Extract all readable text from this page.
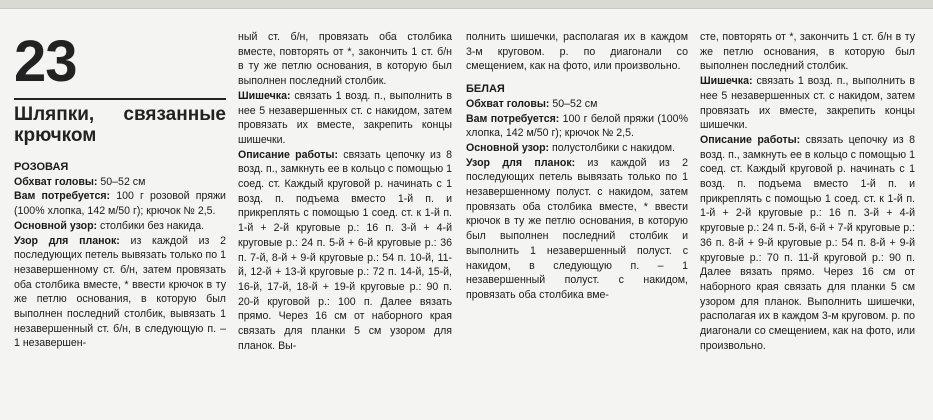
23
Шляпки, связанные крючком
РОЗОВАЯ

Обхват головы: 50–52 см

Вам потребуется: 100 г розовой пряжи (100% хлопка, 142 м/50 г); крючок № 2,5.

Основной узор: столбики без накида.

Узор для планок: из каждой из 2 последующих петель вывязать только по 1 незавершенному ст. б/н, затем провязать оба столбика вместе, * ввести крючок в ту же петлю основания, в которую был выполнен последний столбик, вывязать 1 незавершенный ст. б/н, в следующую п. – 1 незавершен-

ный ст. б/н, провязать оба столбика вместе, повторять от *, закончить 1 ст. б/н в ту же петлю основания, в которую был выполнен последний столбик.

Шишечка: связать 1 возд. п., выполнить в нее 5 незавершенных ст. с накидом, затем провязать их вместе, закрепить концы шишечки.

Описание работы: связать цепочку из 8 возд. п., замкнуть ее в кольцо с помощью 1 соед. ст. Каждый круговой р. начинать с 1 возд. п. подъема вместо 1-й п. и прикреплять с помощью 1 соед. ст. к 1-й п. 1-й + 2-й круговые р.: 16 п. 3-й + 4-й круговые р.: 24 п. 5-й + 6-й круговые р.: 36 п. 7-й, 8-й + 9-й круговые р.: 54 п. 10-й, 11-й, 12-й + 13-й круговые р.: 72 п. 14-й, 15-й, 16-й, 17-й, 18-й + 19-й круговые р.: 90 п. 20-й круговой р.: 100 п. Далее вязать прямо. Через 16 см от наборного края связать для планки 5 см узором для планок. Вы-

полнить шишечки, располагая их в каждом 3-м круговом. р. по диагонали со смещением, как на фото, или произвольно.

БЕЛАЯ

Обхват головы: 50–52 см

Вам потребуется: 100 г белой пряжи (100% хлопка, 142 м/50 г); крючок № 2,5.

Основной узор: полустолбики с накидом.

Узор для планок: из каждой из 2 последующих петель вывязать только по 1 незавершенному полуст. с накидом, затем провязать оба столбика вместе, * ввести крючок в ту же петлю основания, в которую был выполнен последний столбик и выполнить 1 незавершенный полуст. с накидом, в следующую п. – 1 незавершенный полуст. с накидом, провязать оба столбика вме-

сте, повторять от *, закончить 1 ст. б/н в ту же петлю основания, в которую был выполнен последний столбик.

Шишечка: связать 1 возд. п., выполнить в нее 5 незавершенных ст. с накидом, затем провязать их вместе, закрепить концы шишечки.

Описание работы: связать цепочку из 8 возд. п., замкнуть ее в кольцо с помощью 1 соед. ст. Каждый круговой р. начинать с 1 возд. п. подъема вместо 1-й п. и прикреплять с помощью 1 соед. ст. к 1-й п. 1-й + 2-й круговые р.: 16 п. 3-й + 4-й круговые р.: 24 п. 5-й, 6-й + 7-й круговые р.: 36 п. 8-й + 9-й круговые р.: 54 п. 8-й + 9-й круговые р.: 70 п. 11-й круговой р.: 90 п. Далее вязать прямо. Через 16 см от наборного края связать для планки 5 см узором для планок. Выполнить шишечки, располагая их в каждом 3-м круговом. р. по диагонали со смещением, как на фото, или произвольно.
